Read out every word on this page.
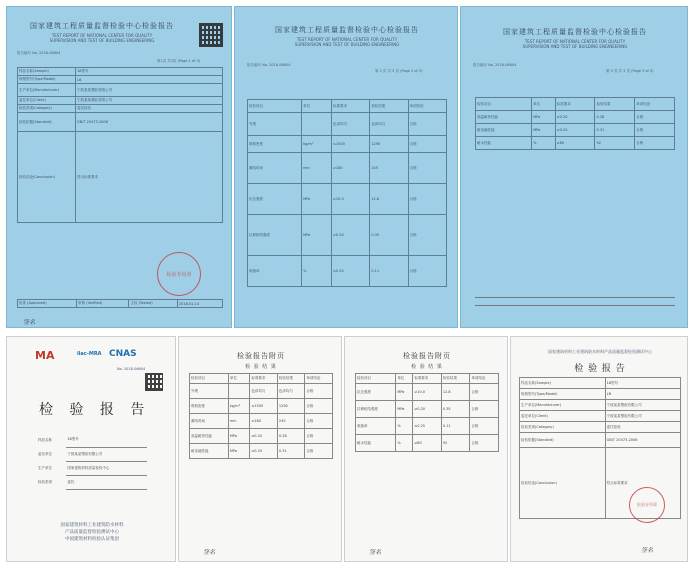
国家建筑工程质量监督检验中心检验报告
TEST REPORT OF NATIONAL CENTER FOR QUALITY
SUPERVISION AND TEST OF BUILDING ENGINEERING
报告编号 No. 2018-06604
第1页 共3页 (Page 1 of 3)
样品名称(Sample)	18型号
规格型号(Type/Model)	LB
生产单位(Manufacturer)	宁波某某塑胶有限公司
委托单位(Client)	宁波某某塑胶有限公司
检验类别(Category)	委托检验
检验依据(Standard)	GB/T 20473-2006
检验结论(Conclusion)	符合标准要求
检验专用章
批准 (Approved)	审核 (Verified)	主检 (Tested)	2018-02-14
签名
国家建筑工程质量监督检验中心检验报告
TEST REPORT OF NATIONAL CENTER FOR QUALITY
SUPERVISION AND TEST OF BUILDING ENGINEERING
报告编号 No. 2018-06604
第 2 页 共 3 页 (Page 2 of 3)
检验项目	单位	标准要求	检验结果	单项结论
外观		色泽均匀	色泽均匀	合格
堆积密度	kg/m³	≤1500	1290	合格
凝结时间	min	≥180	245	合格
抗压强度	MPa	≥10.0	12.8	合格
拉伸粘结强度	MPa	≥0.20	0.35	合格
收缩率	%	≤0.25	0.11	合格
国家建筑工程质量监督检验中心检验报告
TEST REPORT OF NATIONAL CENTER FOR QUALITY
SUPERVISION AND TEST OF BUILDING ENGINEERING
报告编号 No. 2018-06604
第 3 页 共 3 页 (Page 3 of 3)
检验项目	单位	标准要求	检验结果	单项结论
高温耐热性能	MPa	≥0.20	0.28	合格
耐冻融性能	MPa	≥0.20	0.31	合格
耐水性能	%	≥80	92	合格
MA	ilac-MRA CNAS
No. 2018-06604
检 验 报 告
样品名称	18型号
委托单位	宁波某某塑胶有限公司
生产单位	国家建筑材料质量检验中心
检验类别	委托
国家建筑材料工业建筑防水材料
产品质量监督检验测试中心
中国建筑材料检验认证集团
检验报告附页
检 验 结 果
检验项目	单位	标准要求	检验结果	单项结论
外观		色泽均匀	色泽均匀	合格
堆积密度	kg/m³	≤1500	1290	合格
凝结时间	min	≥180	245	合格
高温耐热性能	MPa	≥0.20	0.28	合格
耐冻融性能	MPa	≥0.20	0.31	合格
签名
检验报告附页
检 验 结 果
检验项目	单位	标准要求	检验结果	单项结论
抗压强度	MPa	≥10.0	12.8	合格
拉伸粘结强度	MPa	≥0.20	0.35	合格
收缩率	%	≤0.25	0.11	合格
耐水性能	%	≥80	92	合格
签名
国家建筑材料工业建筑防水材料产品质量监督检验测试中心
检 验 报 告
样品名称(Sample)	18型号
规格型号(Type/Model)	LB
生产单位(Manufacturer)	宁波某某塑胶有限公司
委托单位(Client)	宁波某某塑胶有限公司
检验类别(Category)	委托检验
检验依据(Standard)	GB/T 20473-2006
检验结论(Conclusion)	符合标准要求
检验专用章
签名
